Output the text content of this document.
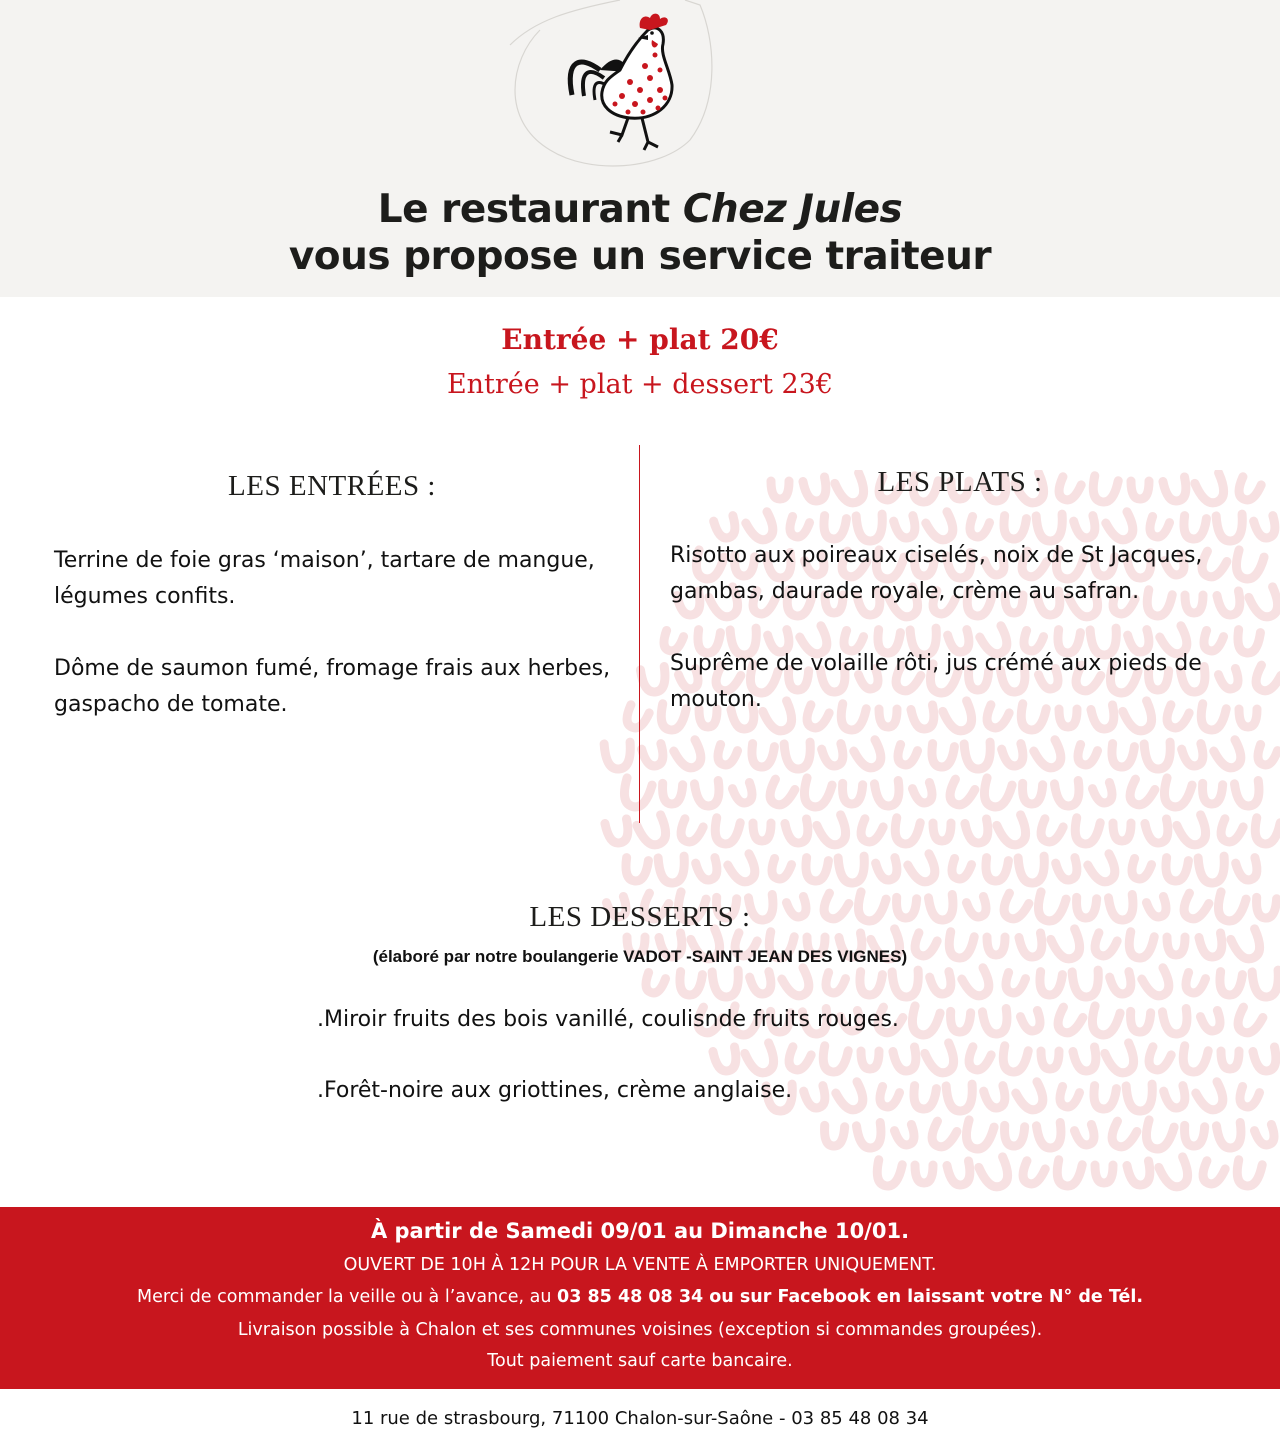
Le restaurant Chez Jules
vous propose un service traiteur
Entrée + plat 20€
Entrée + plat + dessert 23€
LES ENTRÉES :

Terrine de foie gras ‘maison’, tartare de mangue, légumes confits.

Dôme de saumon fumé, fromage frais aux herbes, gaspacho de tomate.

LES PLATS :

Risotto aux poireaux ciselés, noix de St Jacques, gambas, daurade royale, crème au safran.

Suprême de volaille rôti, jus crémé aux pieds de mouton.

LES DESSERTS :
(élaboré par notre boulangerie VADOT -SAINT JEAN DES VIGNES)

.Miroir fruits des bois vanillé, coulisnde fruits rouges.

.Forêt-noire aux griottines, crème anglaise.

À partir de Samedi 09/01 au Dimanche 10/01.
OUVERT DE 10H À 12H POUR LA VENTE À EMPORTER UNIQUEMENT.
Merci de commander la veille ou à l’avance, au 03 85 48 08 34 ou sur Facebook en laissant votre N° de Tél.
Livraison possible à Chalon et ses communes voisines (exception si commandes groupées).
Tout paiement sauf carte bancaire.
11 rue de strasbourg, 71100 Chalon-sur-Saône - 03 85 48 08 34
